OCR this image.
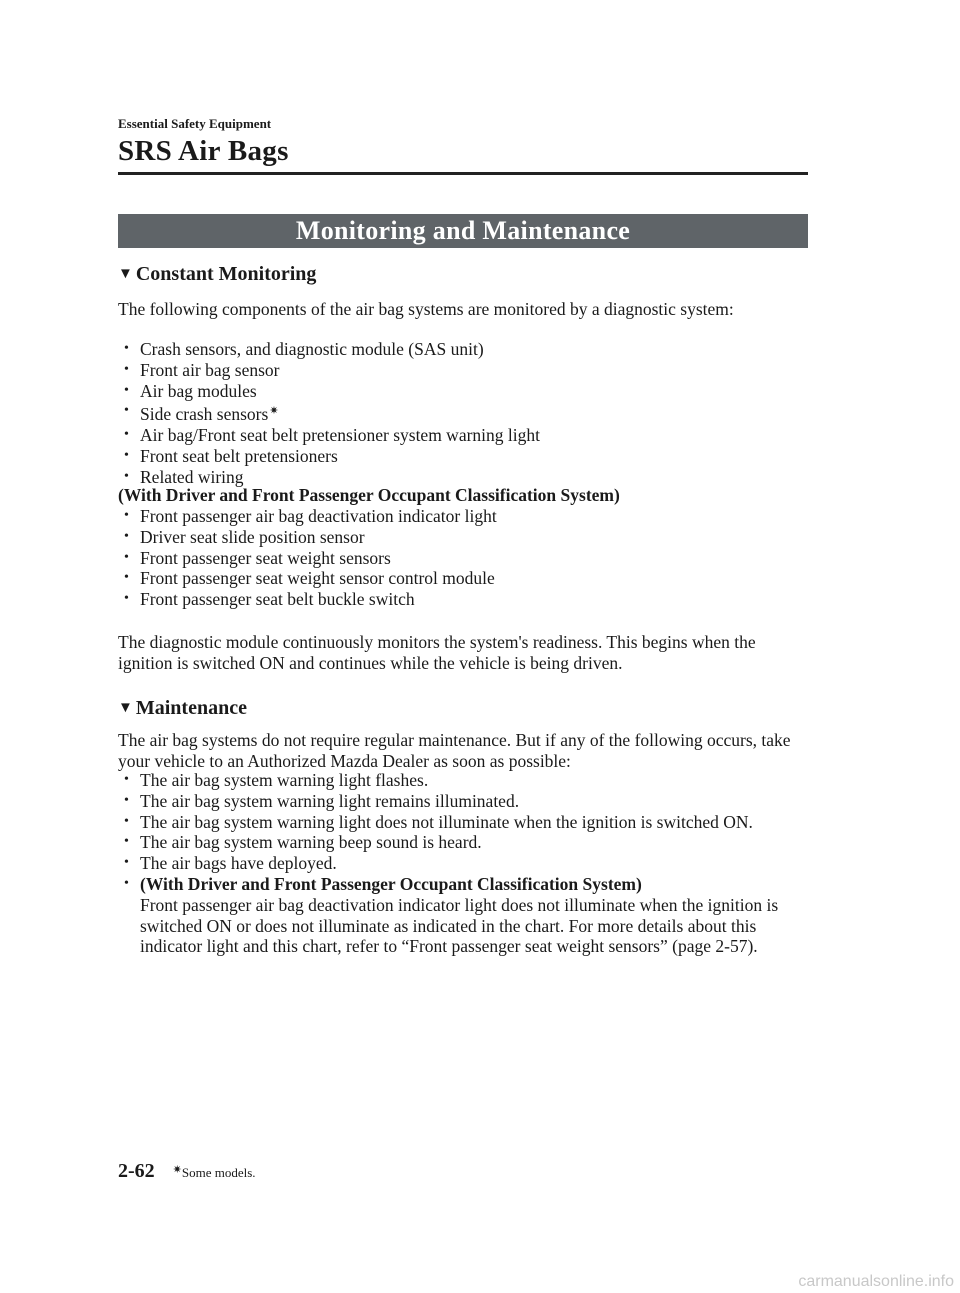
Essential Safety Equipment
SRS Air Bags
Monitoring and Maintenance
▼ Constant Monitoring

The following components of the air bag systems are monitored by a diagnostic system:

• Crash sensors, and diagnostic module (SAS unit)
• Front air bag sensor
• Air bag modules
• Side crash sensors✷
• Air bag/Front seat belt pretensioner system warning light
• Front seat belt pretensioners
• Related wiring
(With Driver and Front Passenger Occupant Classification System)
• Front passenger air bag deactivation indicator light
• Driver seat slide position sensor
• Front passenger seat weight sensors
• Front passenger seat weight sensor control module
• Front passenger seat belt buckle switch

The diagnostic module continuously monitors the system's readiness. This begins when the ignition is switched ON and continues while the vehicle is being driven.

▼ Maintenance

The air bag systems do not require regular maintenance. But if any of the following occurs, take your vehicle to an Authorized Mazda Dealer as soon as possible:

• The air bag system warning light flashes.
• The air bag system warning light remains illuminated.
• The air bag system warning light does not illuminate when the ignition is switched ON.
• The air bag system warning beep sound is heard.
• The air bags have deployed.
• (With Driver and Front Passenger Occupant Classification System)
Front passenger air bag deactivation indicator light does not illuminate when the ignition is switched ON or does not illuminate as indicated in the chart. For more details about this indicator light and this chart, refer to “Front passenger seat weight sensors” (page 2-57).
2-62 ✷Some models.
carmanualsonline.info
